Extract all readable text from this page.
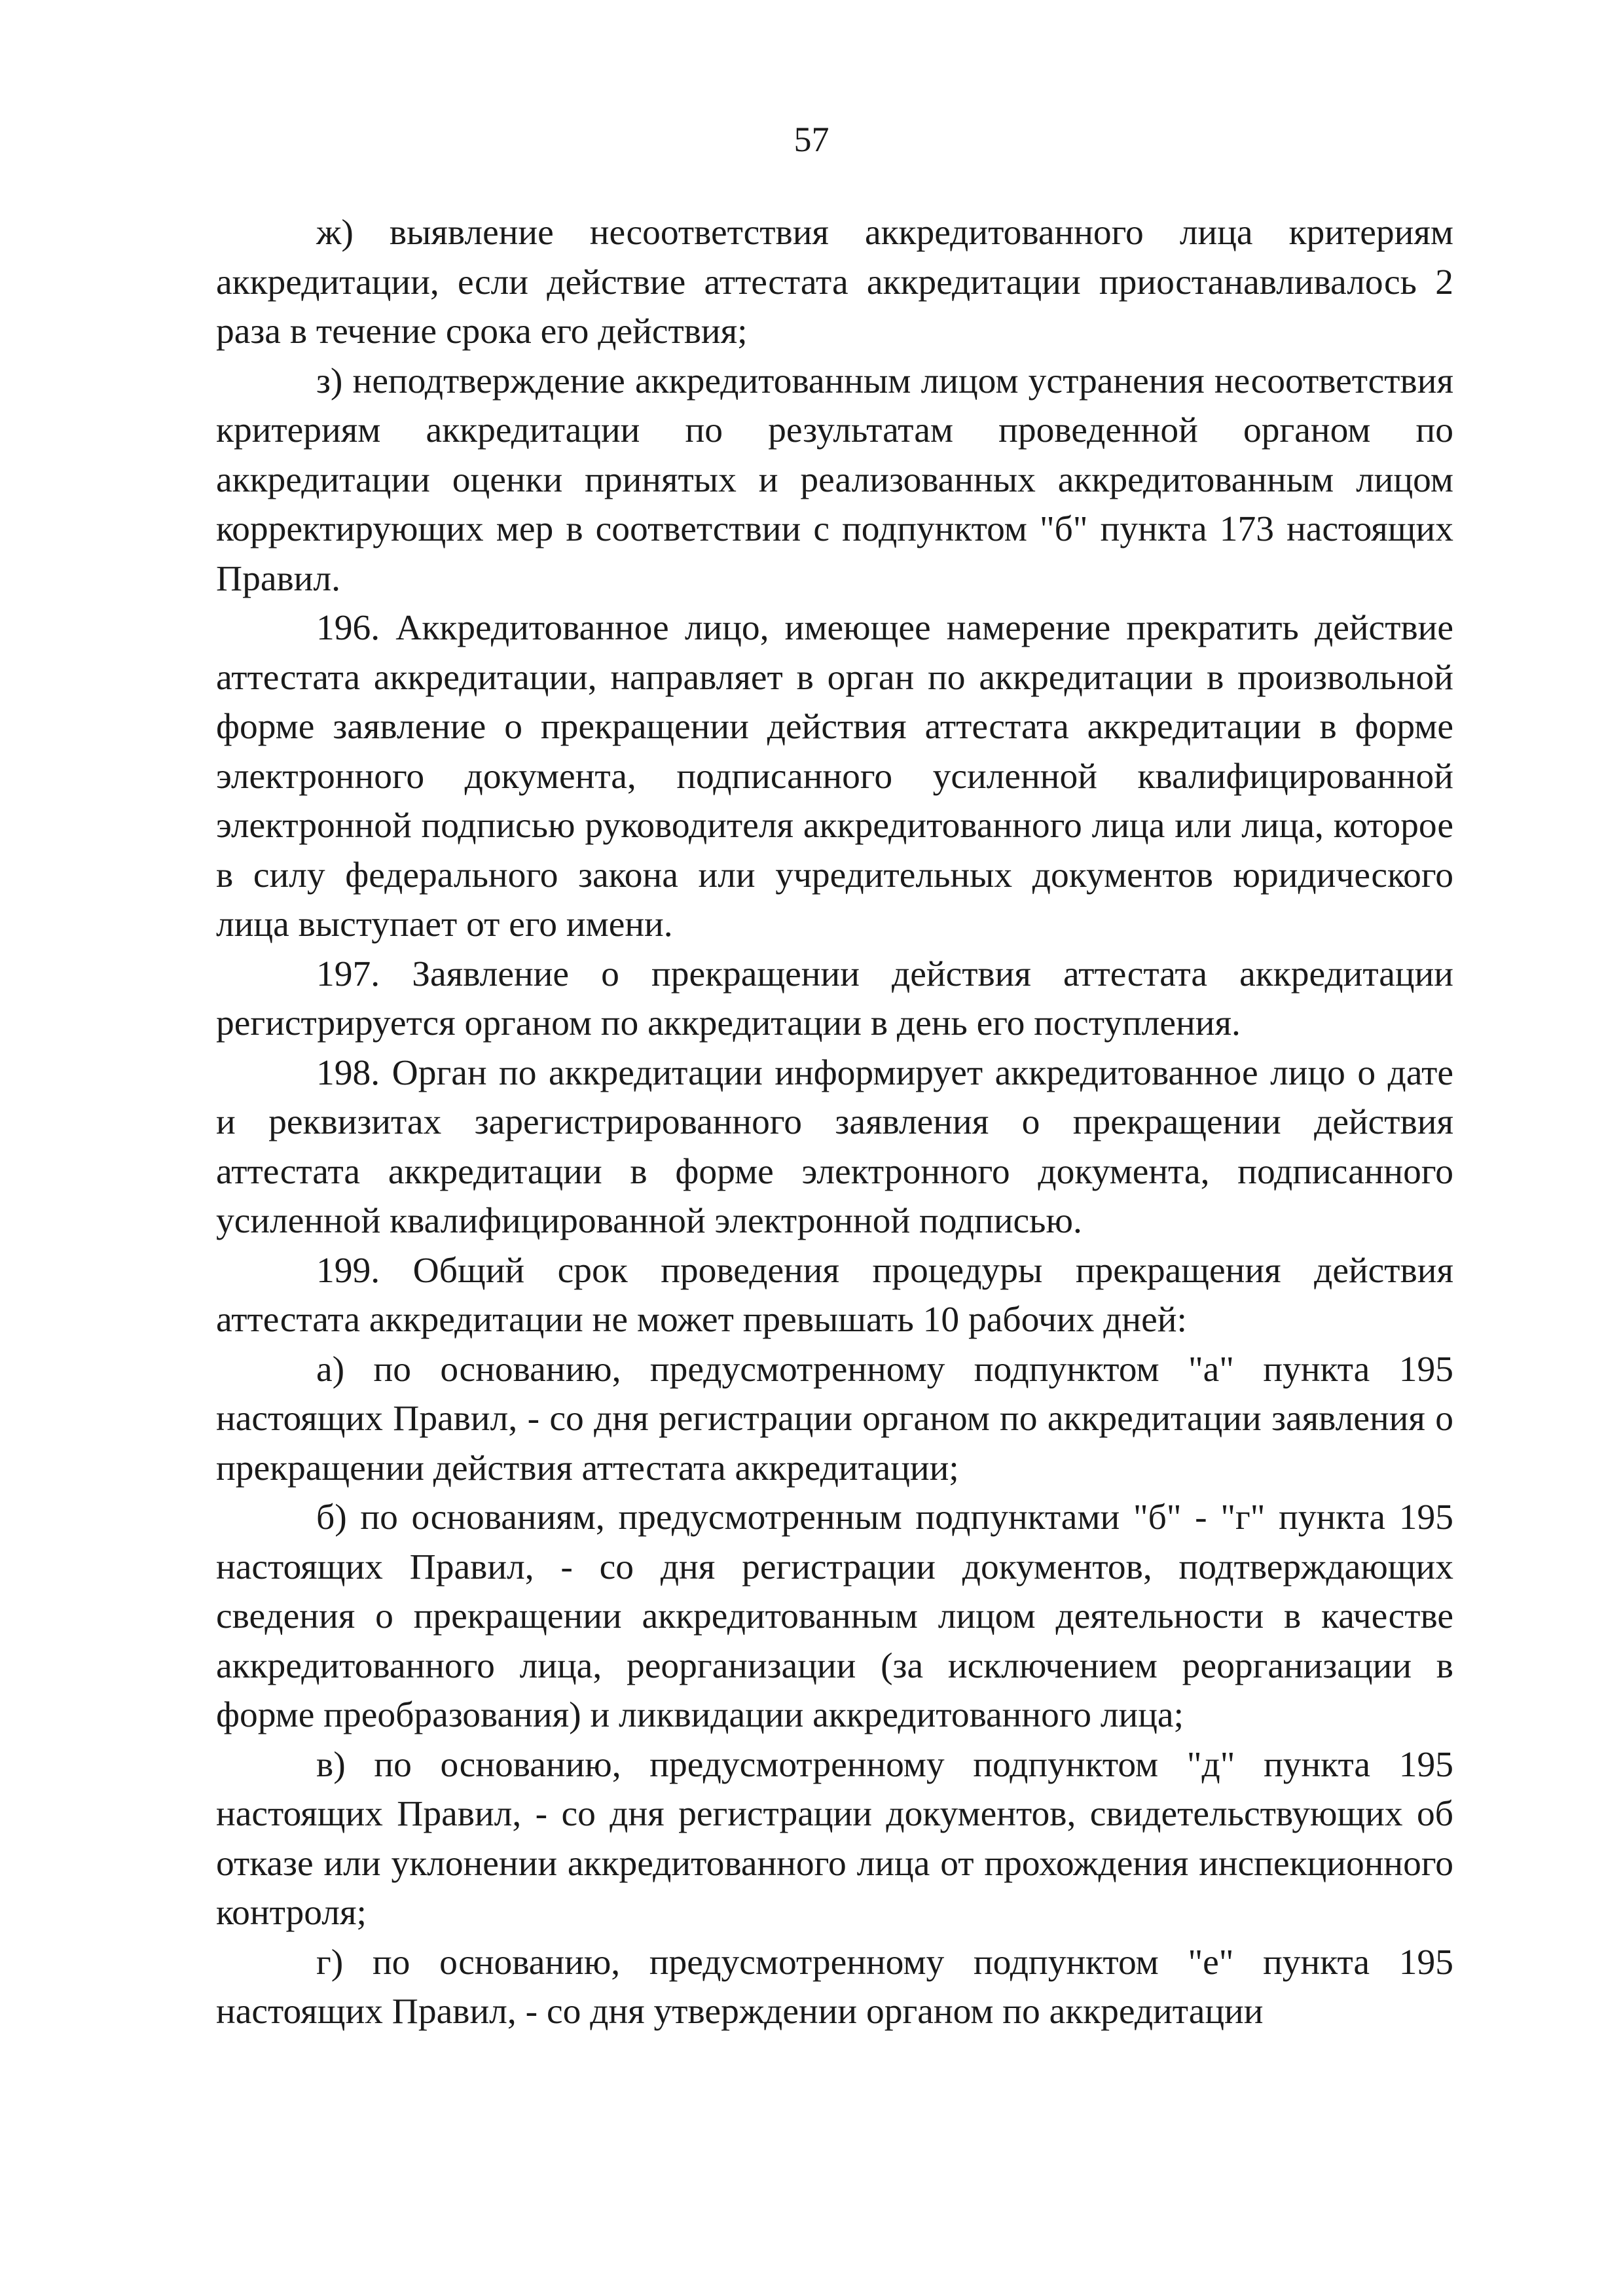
57

ж) выявление несоответствия аккредитованного лица критериям аккредитации, если действие аттестата аккредитации приостанавливалось 2 раза в течение срока его действия;

з) неподтверждение аккредитованным лицом устранения несоответствия критериям аккредитации по результатам проведенной органом по аккредитации оценки принятых и реализованных аккредитованным лицом корректирующих мер в соответствии с подпунктом "б" пункта 173 настоящих Правил.

196. Аккредитованное лицо, имеющее намерение прекратить действие аттестата аккредитации, направляет в орган по аккредитации в произвольной форме заявление о прекращении действия аттестата аккредитации в форме электронного документа, подписанного усиленной квалифицированной электронной подписью руководителя аккредитованного лица или лица, которое в силу федерального закона или учредительных документов юридического лица выступает от его имени.

197. Заявление о прекращении действия аттестата аккредитации регистрируется органом по аккредитации в день его поступления.

198. Орган по аккредитации информирует аккредитованное лицо о дате и реквизитах зарегистрированного заявления о прекращении действия аттестата аккредитации в форме электронного документа, подписанного усиленной квалифицированной электронной подписью.

199. Общий срок проведения процедуры прекращения действия аттестата аккредитации не может превышать 10 рабочих дней:

а) по основанию, предусмотренному подпунктом "а" пункта 195 настоящих Правил, - со дня регистрации органом по аккредитации заявления о прекращении действия аттестата аккредитации;

б) по основаниям, предусмотренным подпунктами "б" - "г" пункта 195 настоящих Правил, - со дня регистрации документов, подтверждающих сведения о прекращении аккредитованным лицом деятельности в качестве аккредитованного лица, реорганизации (за исключением реорганизации в форме преобразования) и ликвидации аккредитованного лица;

в) по основанию, предусмотренному подпунктом "д" пункта 195 настоящих Правил, - со дня регистрации документов, свидетельствующих об отказе или уклонении аккредитованного лица от прохождения инспекционного контроля;

г) по основанию, предусмотренному подпунктом "е" пункта 195 настоящих Правил, - со дня утверждении органом по аккредитации
